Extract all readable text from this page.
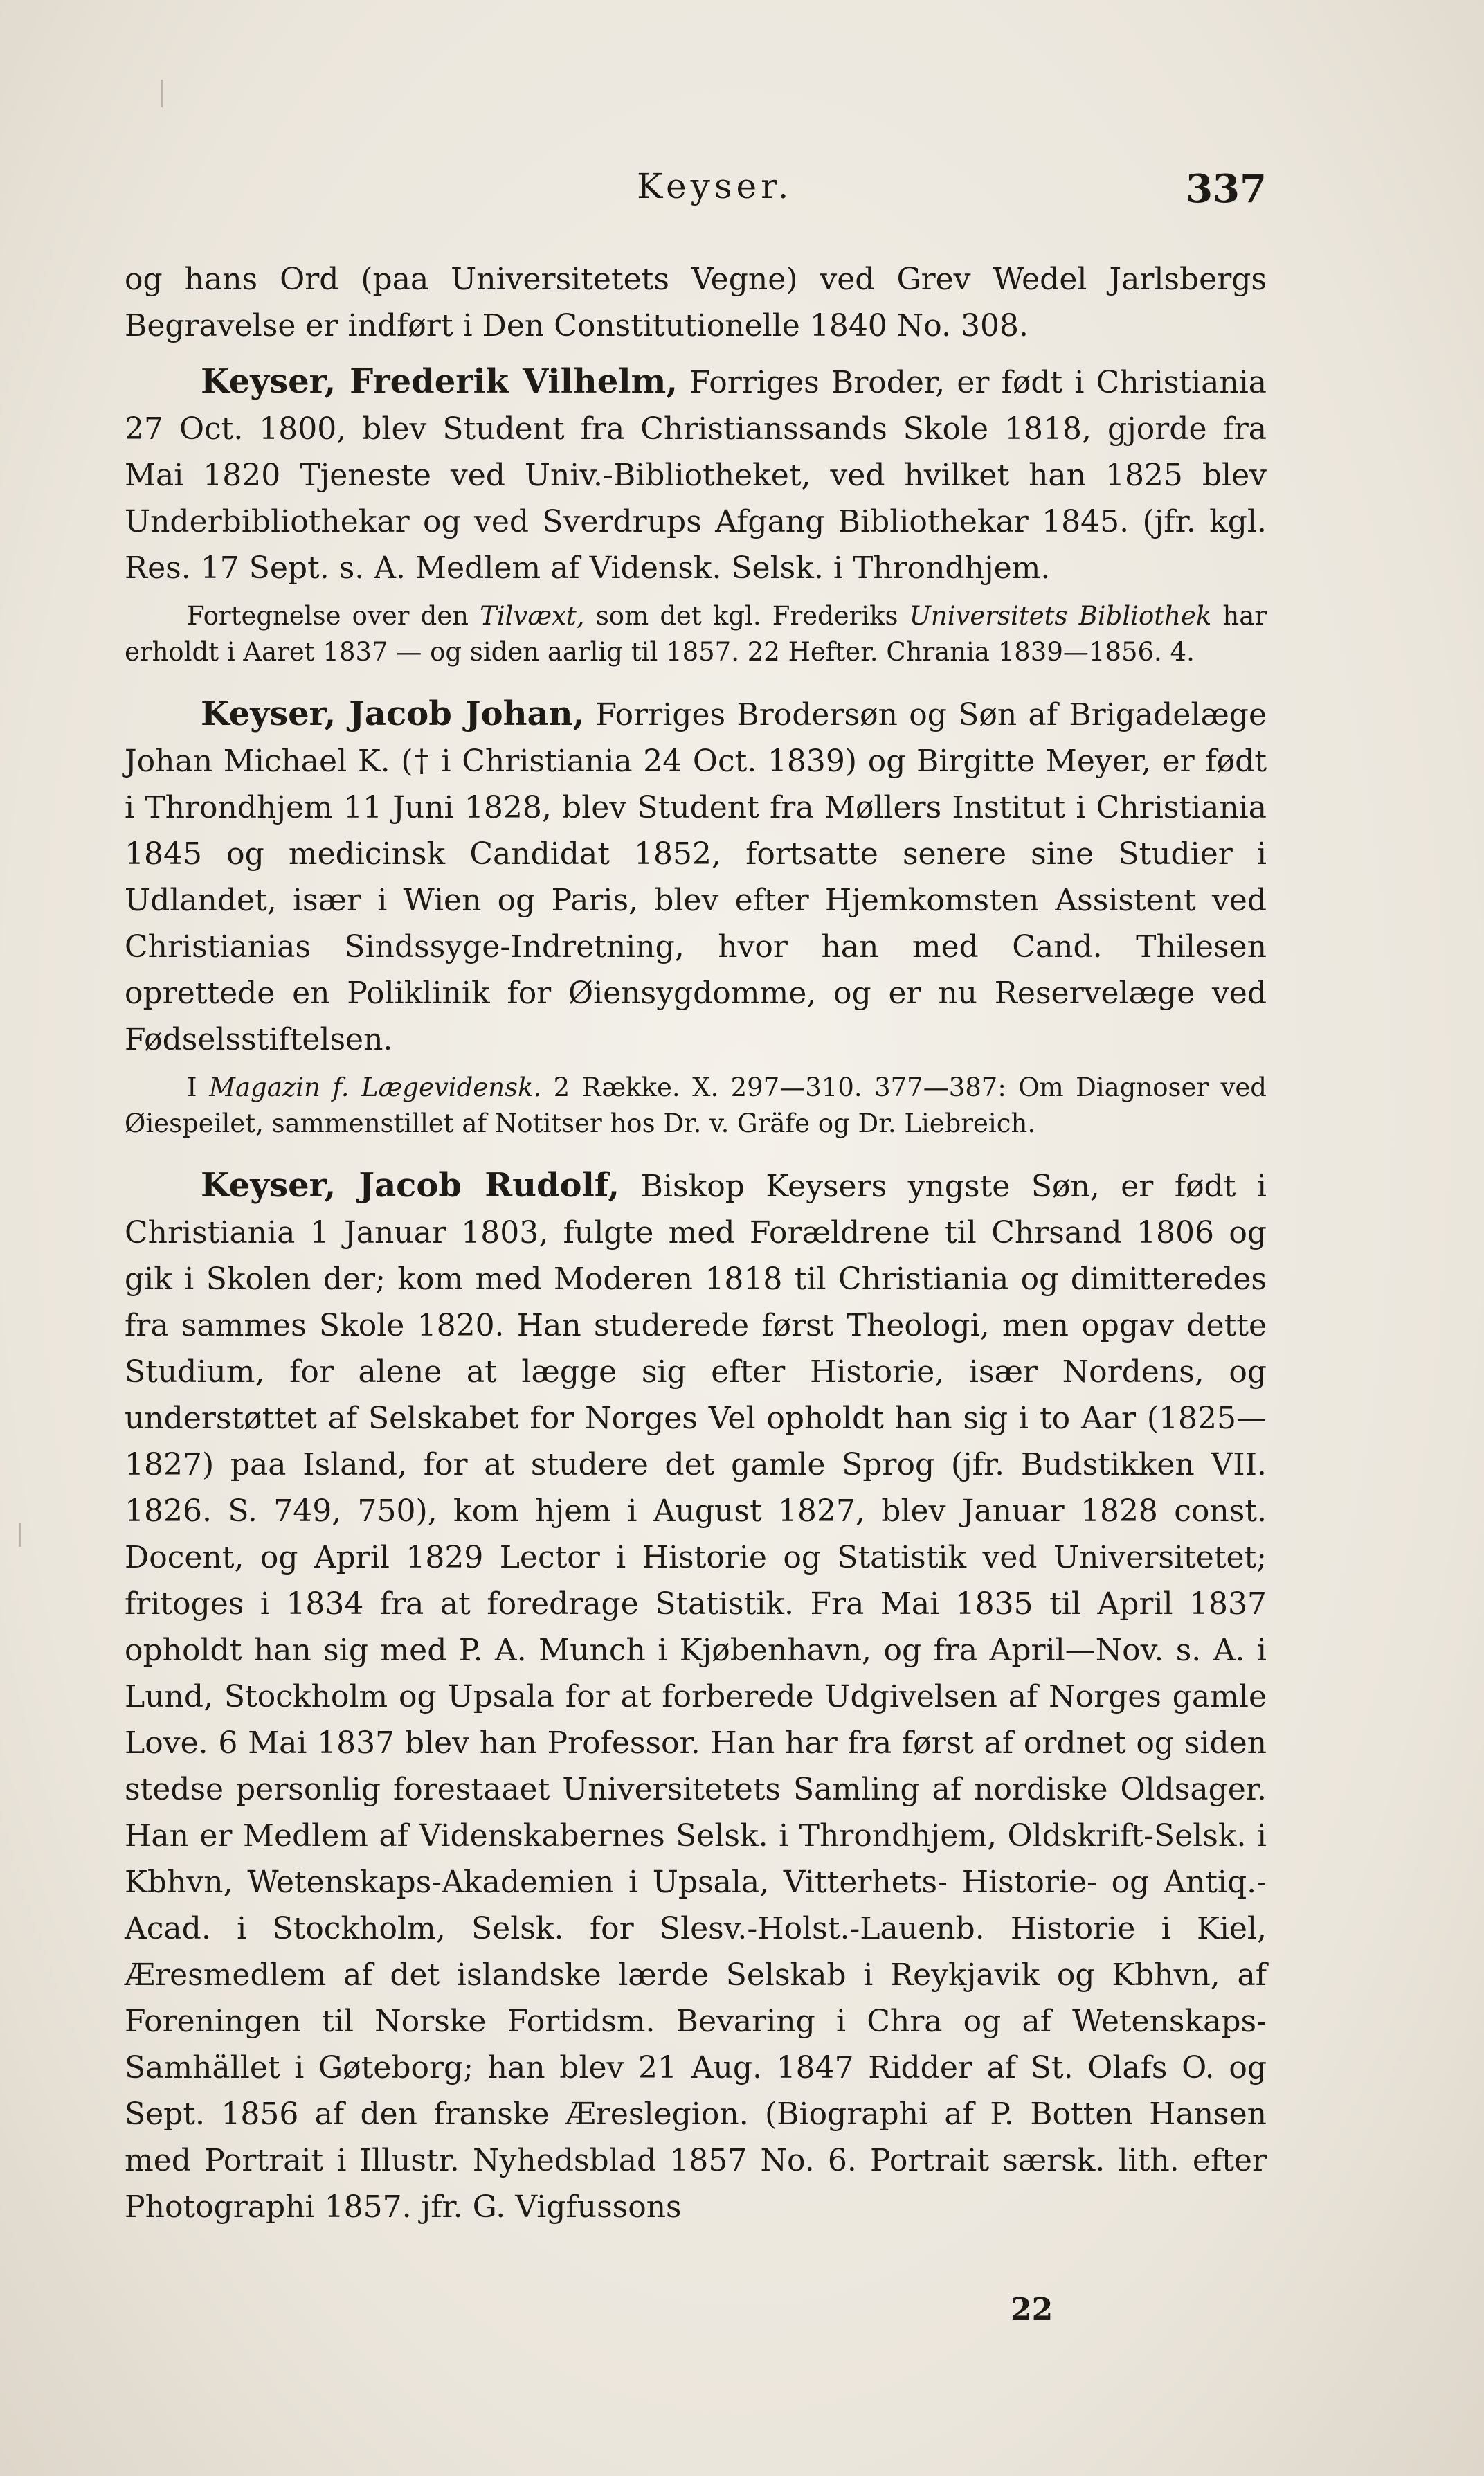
Keyser.	337

og hans Ord (paa Universitetets Vegne) ved Grev Wedel Jarlsbergs Begravelse er indført i Den Constitutionelle 1840 No. 308.

Keyser, Frederik Vilhelm, Forriges Broder, er født i Christiania 27 Oct. 1800, blev Student fra Christianssands Skole 1818, gjorde fra Mai 1820 Tjeneste ved Univ.-Bibliotheket, ved hvilket han 1825 blev Underbibliothekar og ved Sverdrups Afgang Bibliothekar 1845. (jfr. kgl. Res. 17 Sept. s. A. Medlem af Vidensk. Selsk. i Throndhjem.

Fortegnelse over den Tilvæxt, som det kgl. Frederiks Universitets Bibliothek har erholdt i Aaret 1837 — og siden aarlig til 1857. 22 Hefter. Chrania 1839—1856. 4.

Keyser, Jacob Johan, Forriges Brodersøn og Søn af Brigadelæge Johan Michael K. († i Christiania 24 Oct. 1839) og Birgitte Meyer, er født i Throndhjem 11 Juni 1828, blev Student fra Møllers Institut i Christiania 1845 og medicinsk Candidat 1852, fortsatte senere sine Studier i Udlandet, især i Wien og Paris, blev efter Hjemkomsten Assistent ved Christianias Sindssyge-Indretning, hvor han med Cand. Thilesen oprettede en Poliklinik for Øiensygdomme, og er nu Reservelæge ved Fødselsstiftelsen.

I Magazin f. Lægevidensk. 2 Række. X. 297—310. 377—387: Om Diagnoser ved Øiespeilet, sammenstillet af Notitser hos Dr. v. Gräfe og Dr. Liebreich.

Keyser, Jacob Rudolf, Biskop Keysers yngste Søn, er født i Christiania 1 Januar 1803, fulgte med Forældrene til Chrsand 1806 og gik i Skolen der; kom med Moderen 1818 til Christiania og dimitteredes fra sammes Skole 1820. Han studerede først Theologi, men opgav dette Studium, for alene at lægge sig efter Historie, især Nordens, og understøttet af Selskabet for Norges Vel opholdt han sig i to Aar (1825—1827) paa Island, for at studere det gamle Sprog (jfr. Budstikken VII. 1826. S. 749, 750), kom hjem i August 1827, blev Januar 1828 const. Docent, og April 1829 Lector i Historie og Statistik ved Universitetet; fritoges i 1834 fra at foredrage Statistik. Fra Mai 1835 til April 1837 opholdt han sig med P. A. Munch i Kjøbenhavn, og fra April—Nov. s. A. i Lund, Stockholm og Upsala for at forberede Udgivelsen af Norges gamle Love. 6 Mai 1837 blev han Professor. Han har fra først af ordnet og siden stedse personlig forestaaet Universitetets Samling af nordiske Oldsager. Han er Medlem af Videnskabernes Selsk. i Throndhjem, Oldskrift-Selsk. i Kbhvn, Wetenskaps-Akademien i Upsala, Vitterhets- Historie- og Antiq.-Acad. i Stockholm, Selsk. for Slesv.-Holst.-Lauenb. Historie i Kiel, Æresmedlem af det islandske lærde Selskab i Reykjavik og Kbhvn, af Foreningen til Norske Fortidsm. Bevaring i Chra og af Wetenskaps-Samhället i Gøteborg; han blev 21 Aug. 1847 Ridder af St. Olafs O. og Sept. 1856 af den franske Æreslegion. (Biographi af P. Botten Hansen med Portrait i Illustr. Nyhedsblad 1857 No. 6. Portrait særsk. lith. efter Photographi 1857. jfr. G. Vigfussons

22
